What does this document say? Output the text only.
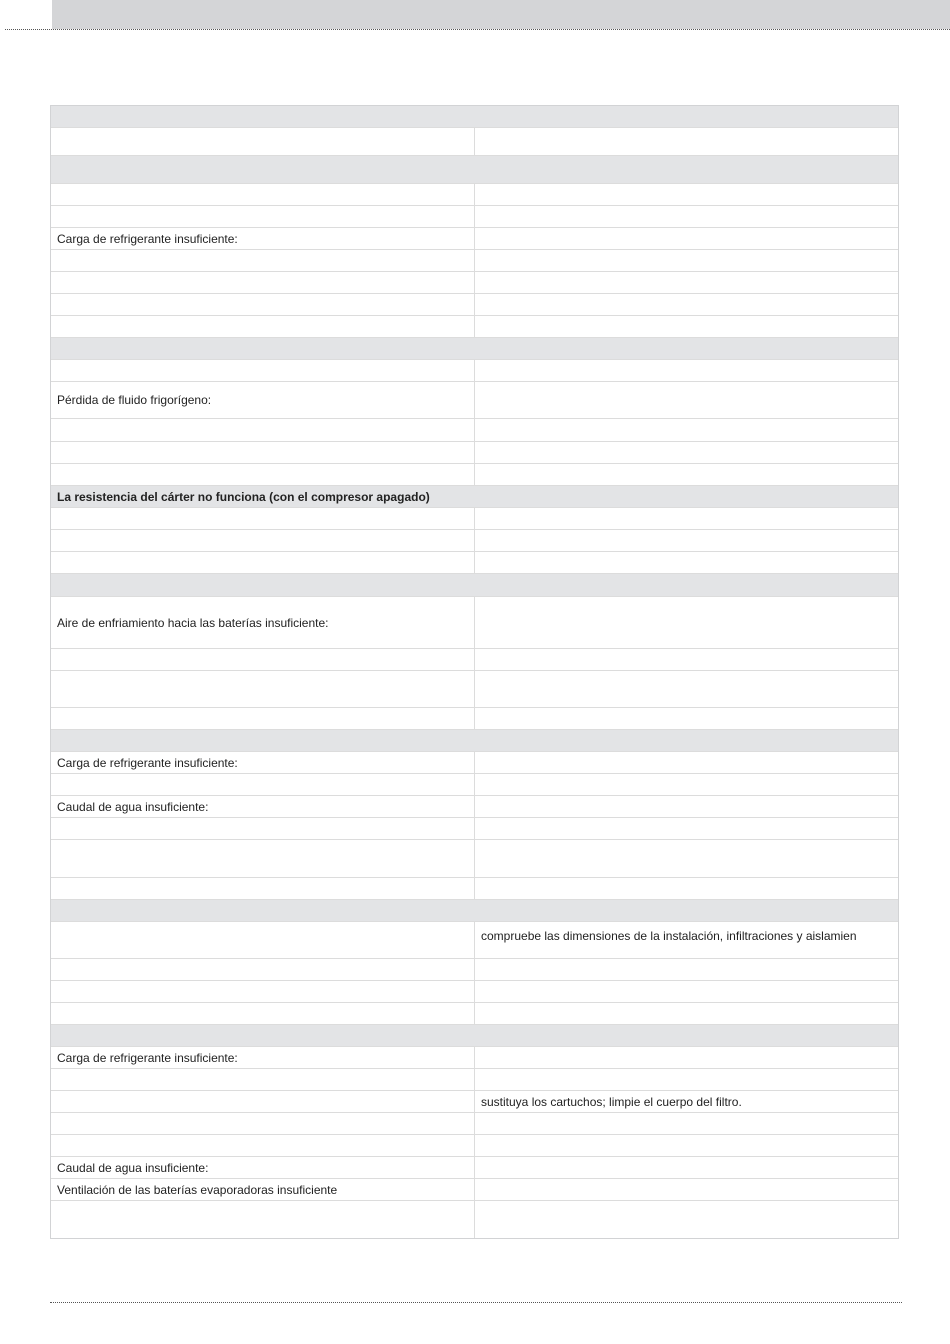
Carga de refrigerante insuficiente:
Pérdida de fluido frigorígeno:
La resistencia del cárter no funciona (con el compresor apagado)
Aire de enfriamiento hacia las baterías insuficiente:
Carga de refrigerante insuficiente:
Caudal de agua insuficiente:
compruebe las dimensiones de la instalación, infiltraciones y aislamien
Carga de refrigerante insuficiente:
sustituya los cartuchos; limpie el cuerpo del filtro.
Caudal de agua insuficiente:
Ventilación de las baterías evaporadoras insuficiente
